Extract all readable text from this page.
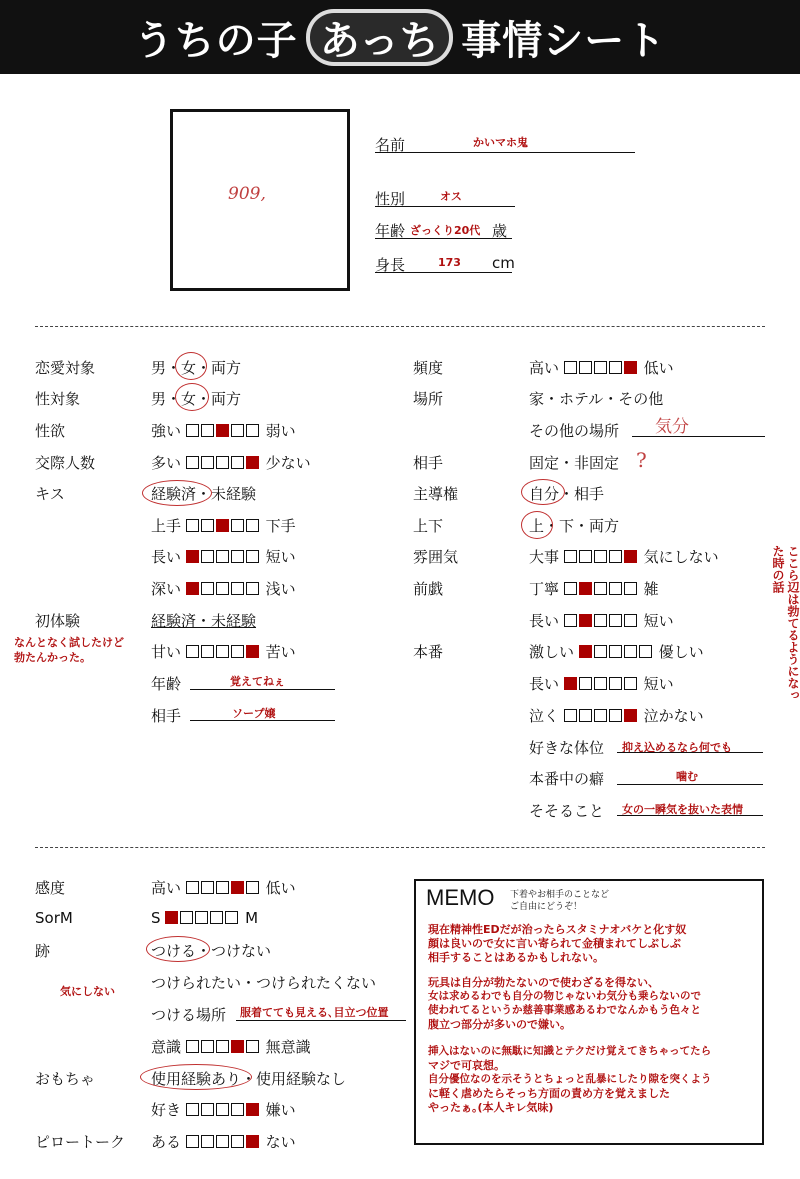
うちの子 あっち 事情シート
909,
名前	かいマホ鬼
性別	オス
年齢 ざっくり20代 歳
身長	173 cm
恋愛対象	男・女・両方
性対象	男・女・両方
性欲	強い	弱い
交際人数	多い	少ない
キス	経験済・未経験
上手	下手
長い	短い
深い	浅い
初体験	経験済・未経験
なんとなく試したけど
勃たんかった。	甘い	苦い
年齢	覚えてねぇ
相手	ソープ嬢
頻度	高い	低い
場所	家・ホテル・その他
その他の場所 気分
相手	固定・非固定 ?
主導権	自分・相手
上下	上・下・両方
雰囲気	大事	気にしない
前戯	丁寧	雑
長い	短い
本番	激しい	優しい
長い	短い
泣く	泣かない
好きな体位 抑え込めるなら何でも
本番中の癖	噛む
そそること 女の一瞬気を抜いた表情
ここら辺は勃てるようになった時の話
感度	高い	低い
SorM	S	M
跡	つける・つけない
つけられたい・つけられたくない
気にしない
つける場所 服着てても見える､目立つ位置
意識	無意識
おもちゃ	使用経験あり・使用経験なし
好き	嫌い
ピロートーク ある	ない
MEMO 下着やお相手のことなど
ご自由にどうぞ！
現在精神性EDだが治ったらスタミナオバケと化す奴
顔は良いので女に言い寄られて金積まれてしぶしぶ
相手することはあるかもしれない。
玩具は自分が勃たないので使わざるを得ない、
女は求めるわでも自分の物じゃないわ気分も乗らないので
使われてるというか慈善事業感あるわでなんかもう色々と
腹立つ部分が多いので嫌い。
挿入はないのに無駄に知識とテクだけ覚えてきちゃってたら
マジで可哀想。
自分優位なのを示そうとちょっと乱暴にしたり隙を突くよう
に軽く虐めたらそっち方面の責め方を覚えました
やったぁ｡(本人キレ気味)
